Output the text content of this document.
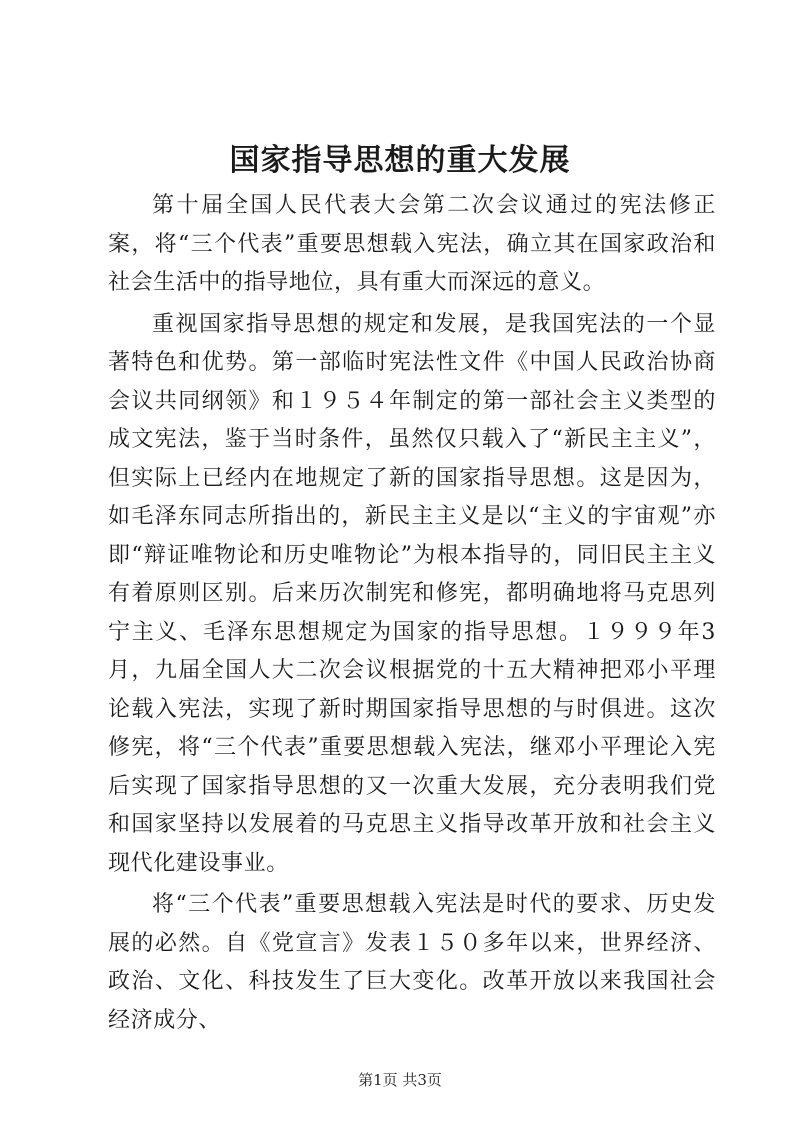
国家指导思想的重大发展

第十届全国人民代表大会第二次会议通过的宪法修正案，将“三个代表”重要思想载入宪法，确立其在国家政治和社会生活中的指导地位，具有重大而深远的意义。

重视国家指导思想的规定和发展，是我国宪法的一个显著特色和优势。第一部临时宪法性文件《中国人民政治协商会议共同纲领》和１９５４年制定的第一部社会主义类型的成文宪法，鉴于当时条件，虽然仅只载入了“新民主主义”，但实际上已经内在地规定了新的国家指导思想。这是因为，如毛泽东同志所指出的，新民主主义是以“主义的宇宙观”亦即“辩证唯物论和历史唯物论”为根本指导的，同旧民主主义有着原则区别。后来历次制宪和修宪，都明确地将马克思列宁主义、毛泽东思想规定为国家的指导思想。１９９９年3月，九届全国人大二次会议根据党的十五大精神把邓小平理论载入宪法，实现了新时期国家指导思想的与时俱进。这次修宪，将“三个代表”重要思想载入宪法，继邓小平理论入宪后实现了国家指导思想的又一次重大发展，充分表明我们党和国家坚持以发展着的马克思主义指导改革开放和社会主义现代化建设事业。

将“三个代表”重要思想载入宪法是时代的要求、历史发展的必然。自《党宣言》发表１５０多年以来，世界经济、政治、文化、科技发生了巨大变化。改革开放以来我国社会经济成分、

第1页 共3页
